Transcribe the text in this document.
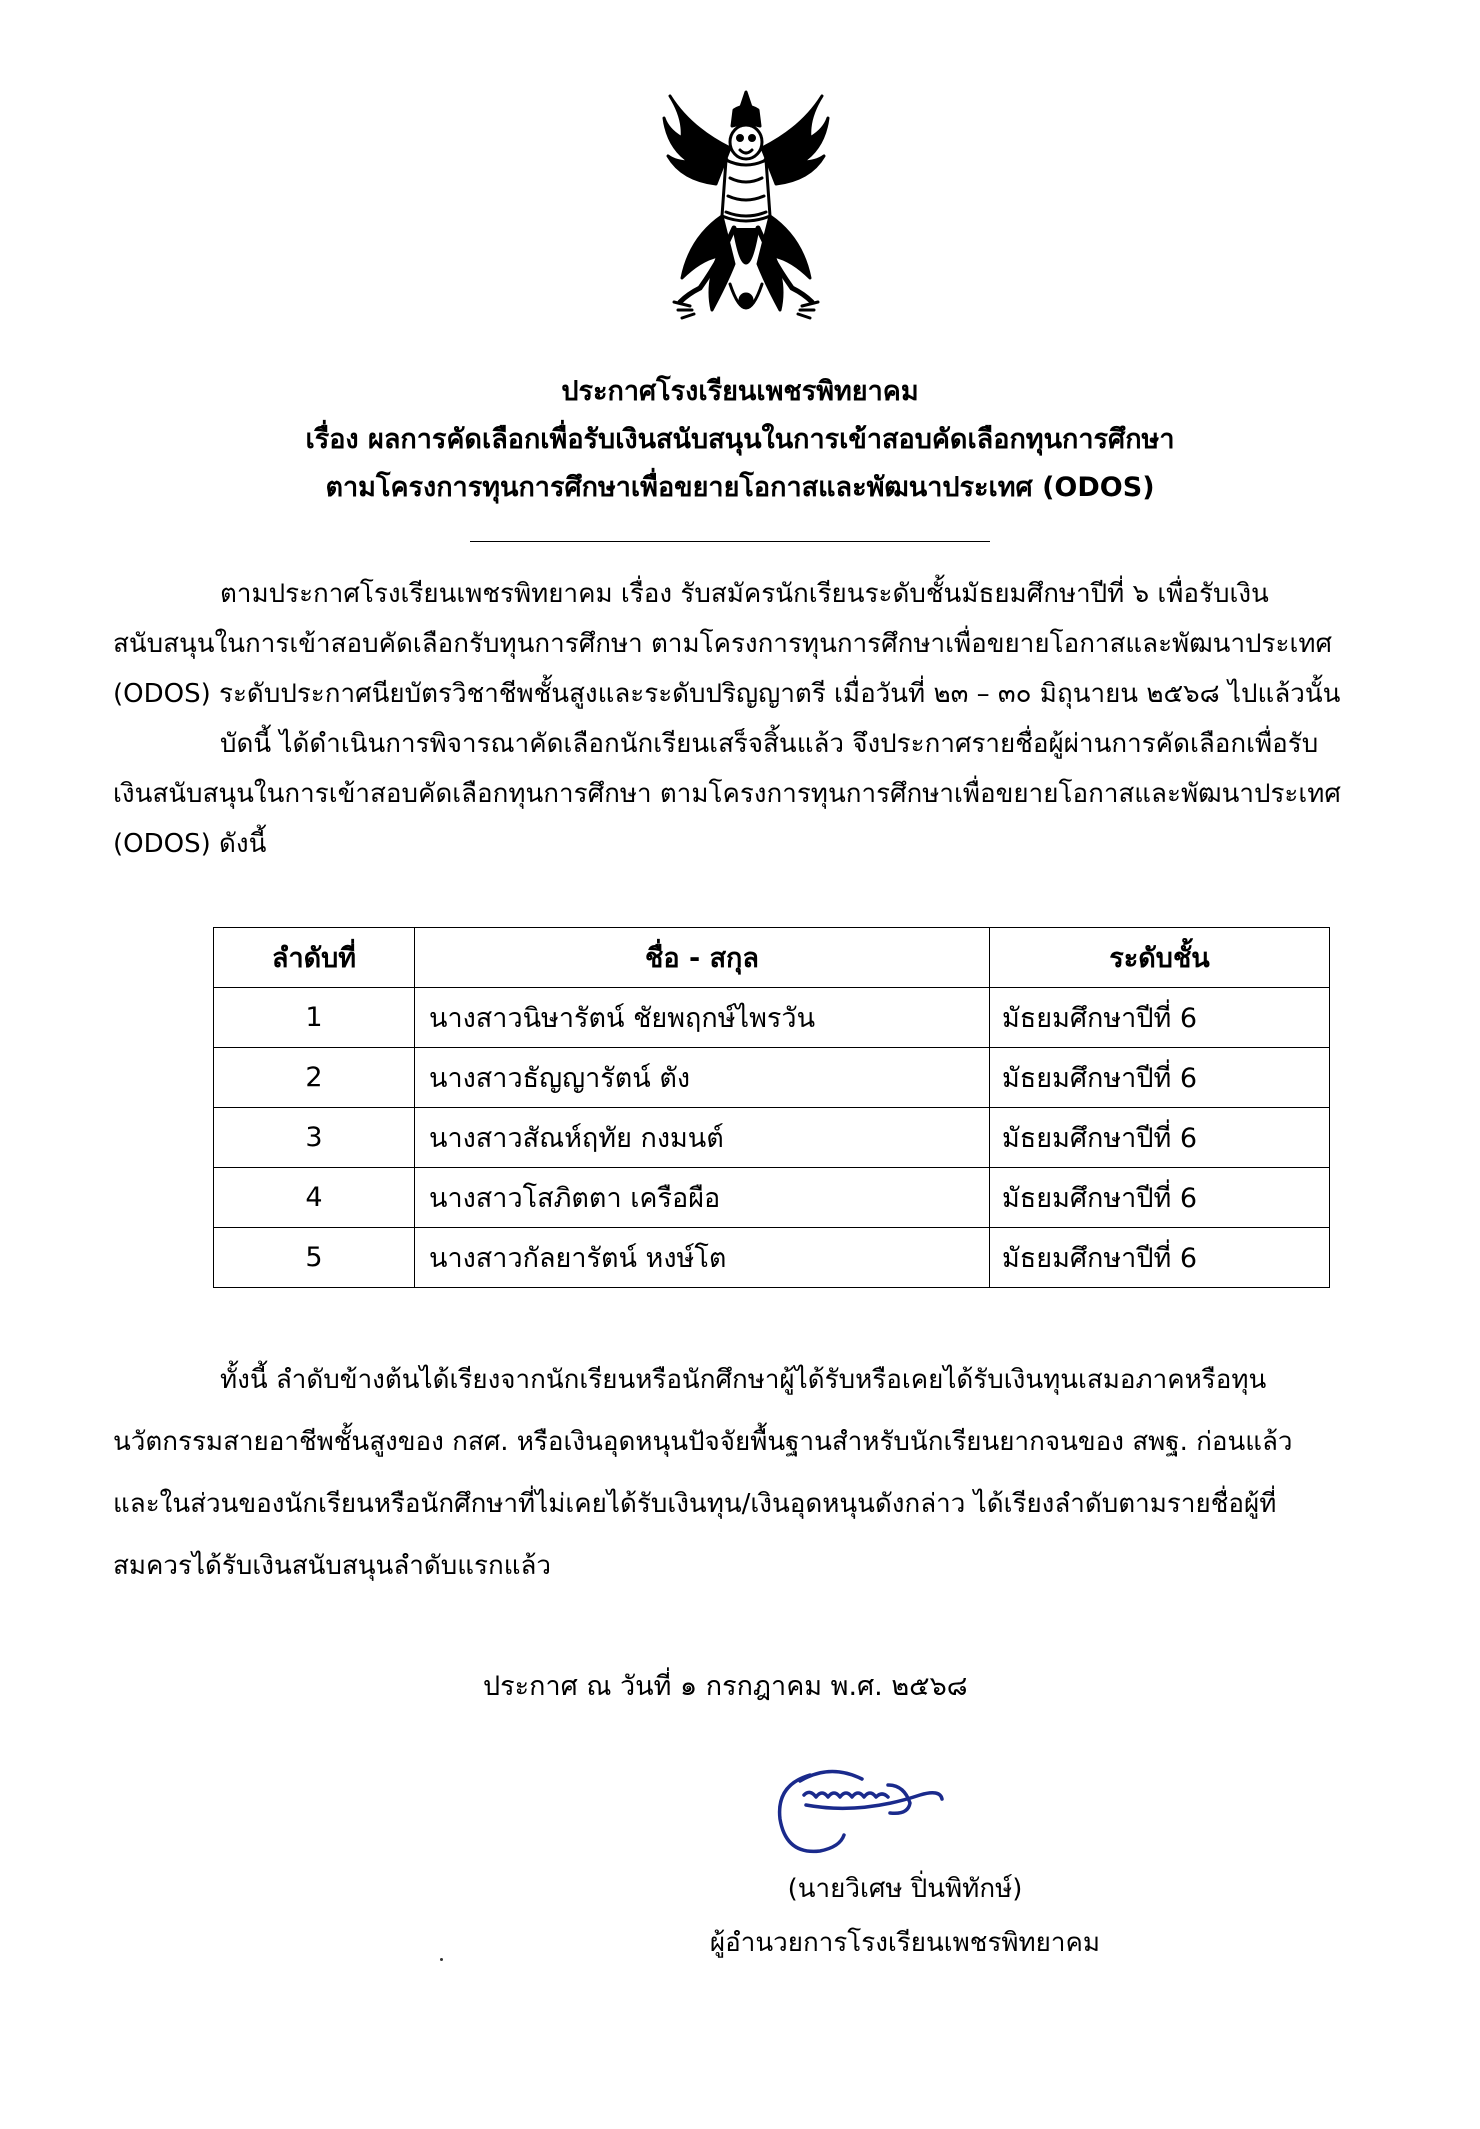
ประกาศโรงเรียนเพชรพิทยาคม
เรื่อง ผลการคัดเลือกเพื่อรับเงินสนับสนุนในการเข้าสอบคัดเลือกทุนการศึกษา
ตามโครงการทุนการศึกษาเพื่อขยายโอกาสและพัฒนาประเทศ (ODOS)
ตามประกาศโรงเรียนเพชรพิทยาคม เรื่อง รับสมัครนักเรียนระดับชั้นมัธยมศึกษาปีที่ ๖ เพื่อรับเงิน
สนับสนุนในการเข้าสอบคัดเลือกรับทุนการศึกษา ตามโครงการทุนการศึกษาเพื่อขยายโอกาสและพัฒนาประเทศ
(ODOS) ระดับประกาศนียบัตรวิชาชีพชั้นสูงและระดับปริญญาตรี เมื่อวันที่ ๒๓ – ๓๐ มิถุนายน ๒๕๖๘ ไปแล้วนั้น
บัดนี้ ได้ดำเนินการพิจารณาคัดเลือกนักเรียนเสร็จสิ้นแล้ว จึงประกาศรายชื่อผู้ผ่านการคัดเลือกเพื่อรับ
เงินสนับสนุนในการเข้าสอบคัดเลือกทุนการศึกษา ตามโครงการทุนการศึกษาเพื่อขยายโอกาสและพัฒนาประเทศ
(ODOS) ดังนี้
ลำดับที่	ชื่อ - สกุล	ระดับชั้น
1	นางสาวนิษารัตน์ ชัยพฤกษ์ไพรวัน	มัธยมศึกษาปีที่ 6
2	นางสาวธัญญารัตน์ ตัง	มัธยมศึกษาปีที่ 6
3	นางสาวสัณห์ฤทัย กงมนต์	มัธยมศึกษาปีที่ 6
4	นางสาวโสภิตตา เครือผือ	มัธยมศึกษาปีที่ 6
5	นางสาวกัลยารัตน์ หงษ์โต	มัธยมศึกษาปีที่ 6
ทั้งนี้ ลำดับข้างต้นได้เรียงจากนักเรียนหรือนักศึกษาผู้ได้รับหรือเคยได้รับเงินทุนเสมอภาคหรือทุน
นวัตกรรมสายอาชีพชั้นสูงของ กสศ. หรือเงินอุดหนุนปัจจัยพื้นฐานสำหรับนักเรียนยากจนของ สพฐ. ก่อนแล้ว
และในส่วนของนักเรียนหรือนักศึกษาที่ไม่เคยได้รับเงินทุน/เงินอุดหนุนดังกล่าว ได้เรียงลำดับตามรายชื่อผู้ที่
สมควรได้รับเงินสนับสนุนลำดับแรกแล้ว
ประกาศ ณ วันที่ ๑ กรกฎาคม พ.ศ. ๒๕๖๘
(นายวิเศษ ปิ่นพิทักษ์)
ผู้อำนวยการโรงเรียนเพชรพิทยาคม
